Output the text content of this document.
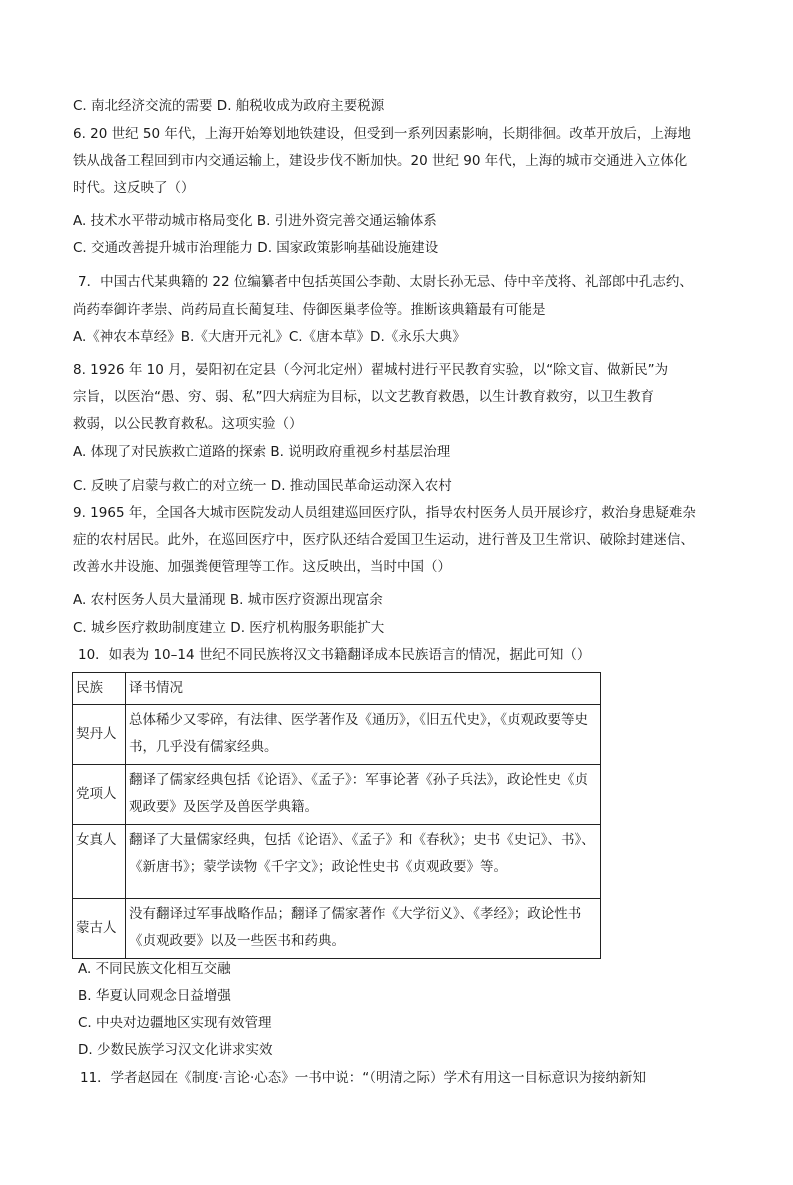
C. 南北经济交流的需要 D. 舶税收成为政府主要税源
6. 20 世纪 50 年代，上海开始筹划地铁建设，但受到一系列因素影响，长期徘徊。改革开放后，上海地
铁从战备工程回到市内交通运输上，建设步伐不断加快。20 世纪 90 年代，上海的城市交通进入立体化
时代。这反映了（）
A. 技术水平带动城市格局变化 B. 引进外资完善交通运输体系
C. 交通改善提升城市治理能力 D. 国家政策影响基础设施建设
7．中国古代某典籍的 22 位编纂者中包括英国公李勣、太尉长孙无忌、侍中辛茂将、礼部郎中孔志约、
尚药奉御许孝崇、尚药局直长蔺复珪、侍御医巢孝俭等。推断该典籍最有可能是
A.《神农本草经》B.《大唐开元礼》C.《唐本草》D.《永乐大典》
8. 1926 年 10 月，晏阳初在定县（今河北定州）翟城村进行平民教育实验，以“除文盲、做新民”为
宗旨，以医治“愚、穷、弱、私”四大病症为目标，以文艺教育救愚，以生计教育救穷，以卫生教育
救弱，以公民教育救私。这项实验（）
A. 体现了对民族救亡道路的探索 B. 说明政府重视乡村基层治理
C. 反映了启蒙与救亡的对立统一 D. 推动国民革命运动深入农村
9. 1965 年，全国各大城市医院发动人员组建巡回医疗队，指导农村医务人员开展诊疗，救治身患疑难杂
症的农村居民。此外，在巡回医疗中，医疗队还结合爱国卫生运动，进行普及卫生常识、破除封建迷信、
改善水井设施、加强粪便管理等工作。这反映出，当时中国（）
A. 农村医务人员大量涌现 B. 城市医疗资源出现富余
C. 城乡医疗救助制度建立 D. 医疗机构服务职能扩大
10．如表为 10–14 世纪不同民族将汉文书籍翻译成本民族语言的情况，据此可知（）
民族	译书情况
契丹人	总体稀少又零碎，有法律、医学著作及《通历》，《旧五代史》，《贞观政要等史书，几乎没有儒家经典。
党项人	翻译了儒家经典包括《论语》、《孟子》：军事论著《孙子兵法》，政论性史《贞观政要》及医学及兽医学典籍。
女真人	翻译了大量儒家经典，包括《论语》、《孟子》和《春秋》；史书《史记》、书》、《新唐书》；蒙学读物《千字文》；政论性史书《贞观政要》等。
蒙古人	没有翻译过军事战略作品；翻译了儒家著作《大学衍义》、《孝经》；政论性书《贞观政要》以及一些医书和药典。
A. 不同民族文化相互交融
B. 华夏认同观念日益增强
C. 中央对边疆地区实现有效管理
D. 少数民族学习汉文化讲求实效
11．学者赵园在《制度·言论·心态》一书中说：“（明清之际）学术有用这一目标意识为接纳新知
